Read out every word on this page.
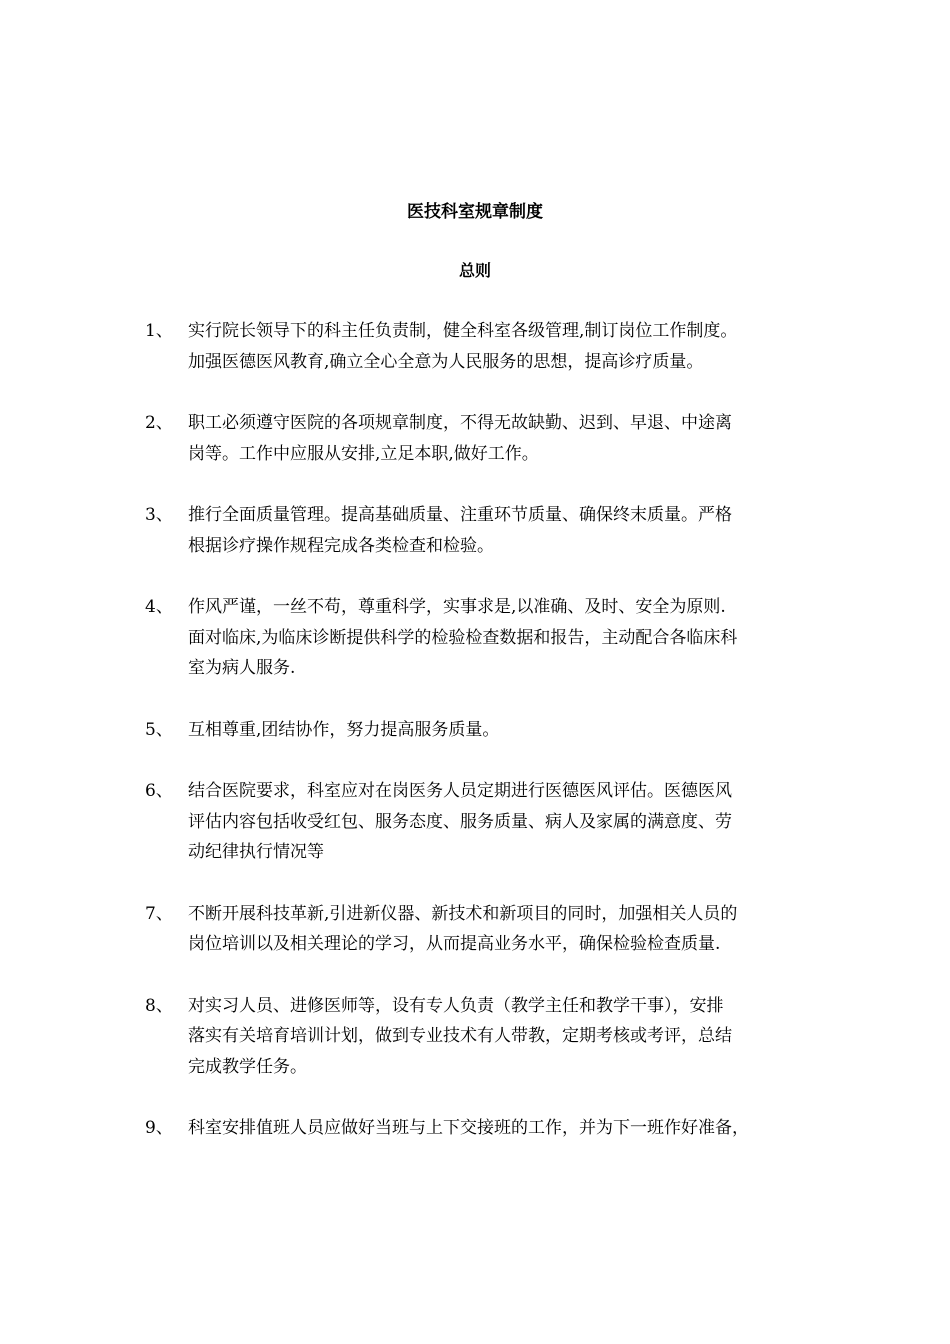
医技科室规章制度
总则
1、 实行院长领导下的科主任负责制，健全科室各级管理,制订岗位工作制度。
加强医德医风教育,确立全心全意为人民服务的思想，提高诊疗质量。
2、 职工必须遵守医院的各项规章制度，不得无故缺勤、迟到、早退、中途离
岗等。工作中应服从安排,立足本职,做好工作。
3、 推行全面质量管理。提高基础质量、注重环节质量、确保终末质量。严格
根据诊疗操作规程完成各类检查和检验。
4、 作风严谨，一丝不苟，尊重科学，实事求是,以准确、及时、安全为原则.
面对临床,为临床诊断提供科学的检验检查数据和报告，主动配合各临床科
室为病人服务.
5、 互相尊重,团结协作，努力提高服务质量。
6、 结合医院要求，科室应对在岗医务人员定期进行医德医风评估。医德医风
评估内容包括收受红包、服务态度、服务质量、病人及家属的满意度、劳
动纪律执行情况等
7、 不断开展科技革新,引进新仪器、新技术和新项目的同时，加强相关人员的
岗位培训以及相关理论的学习，从而提高业务水平，确保检验检查质量.
8、 对实习人员、进修医师等，设有专人负责（教学主任和教学干事），安排
落实有关培育培训计划，做到专业技术有人带教，定期考核或考评，总结
完成教学任务。
9、 科室安排值班人员应做好当班与上下交接班的工作，并为下一班作好准备，
